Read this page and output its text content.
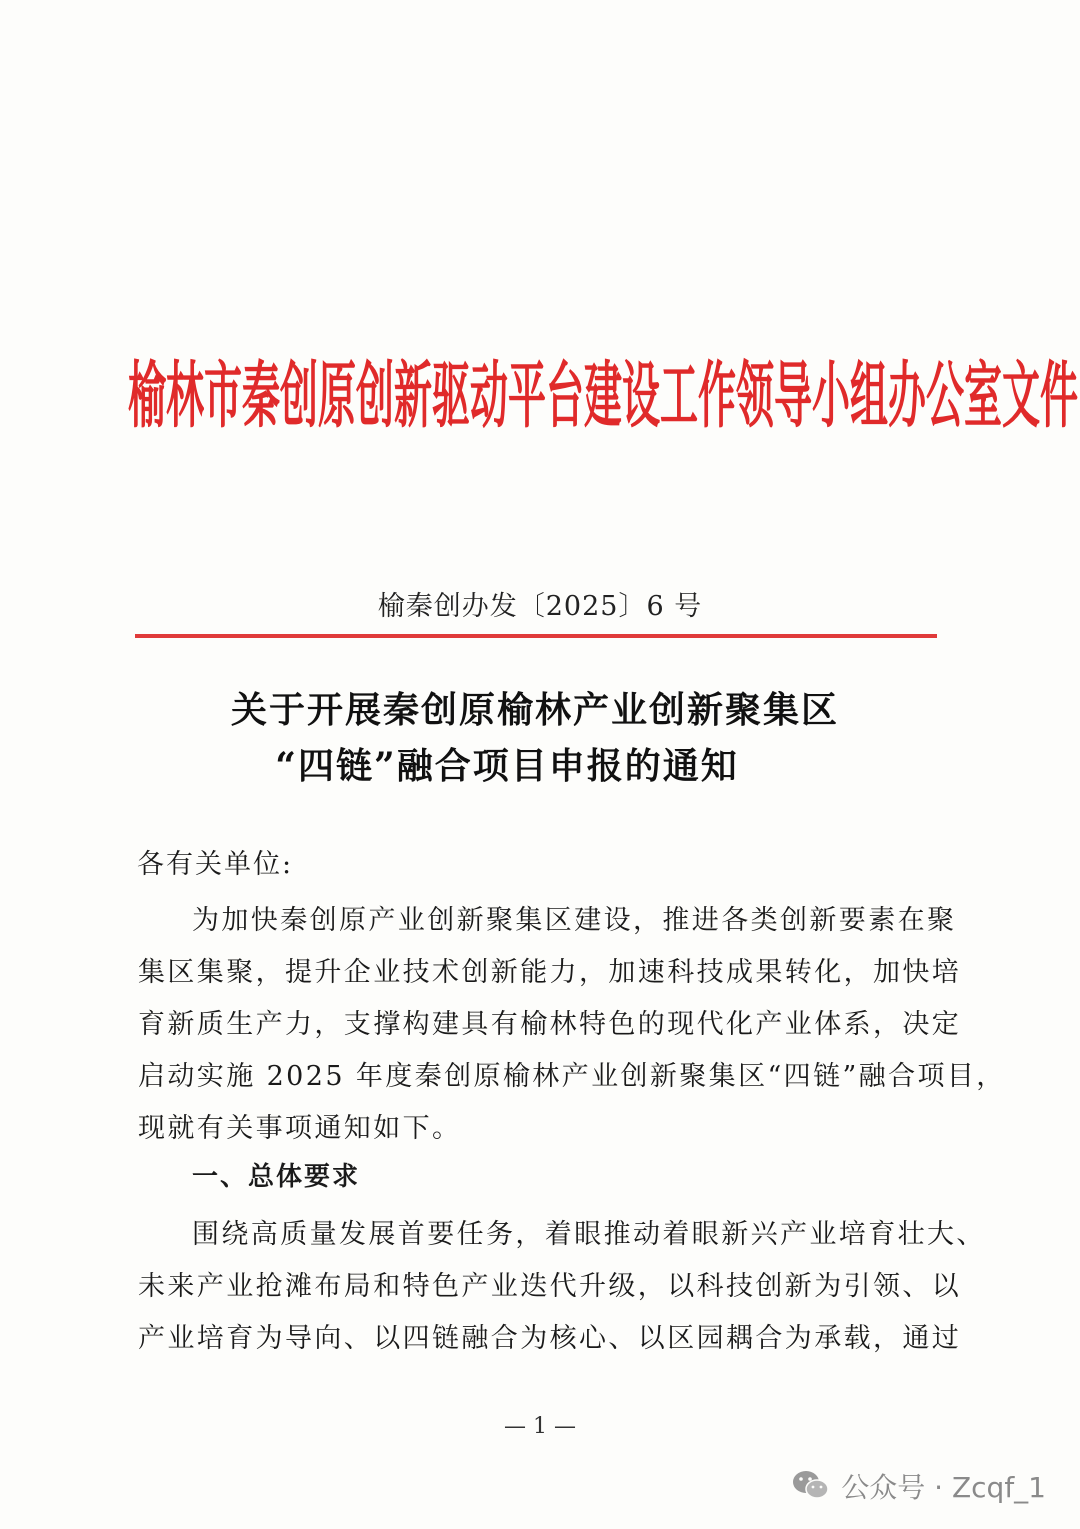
榆林市秦创原创新驱动平台建设工作领导小组办公室文件
榆秦创办发〔2025〕6 号
关于开展秦创原榆林产业创新聚集区
“四链”融合项目申报的通知
各有关单位:
为加快秦创原产业创新聚集区建设，推进各类创新要素在聚
集区集聚，提升企业技术创新能力，加速科技成果转化，加快培
育新质生产力，支撑构建具有榆林特色的现代化产业体系，决定
启动实施 2025 年度秦创原榆林产业创新聚集区“四链”融合项目，
现就有关事项通知如下。
一、总体要求
围绕高质量发展首要任务，着眼推动着眼新兴产业培育壮大、
未来产业抢滩布局和特色产业迭代升级，以科技创新为引领、以
产业培育为导向、以四链融合为核心、以区园耦合为承载，通过
— 1 —
公众号 · Zcqf_1
